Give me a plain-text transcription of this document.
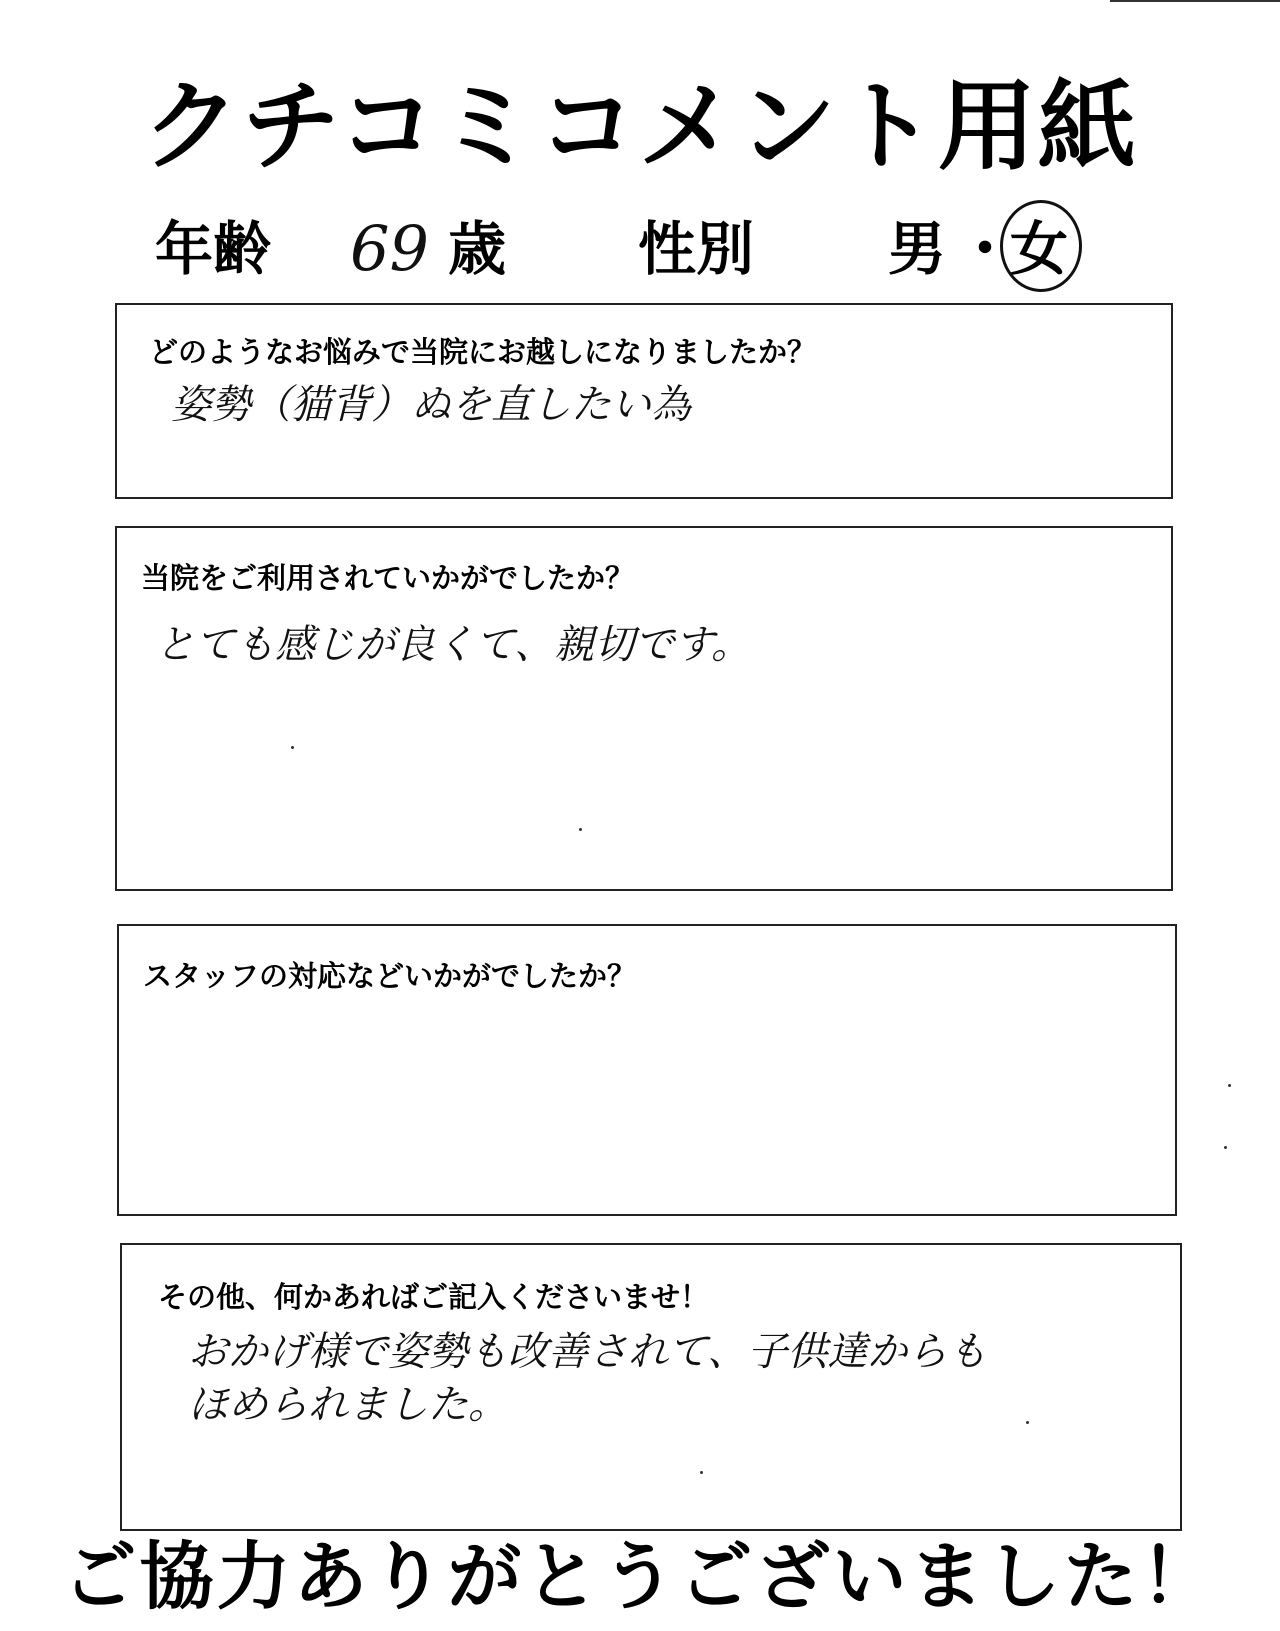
クチコミコメント用紙
年齢 69 歳 性別 男 ・
女
どのようなお悩みで当院にお越しになりましたか？
姿勢（猫背）ぬを直したい為
当院をご利用されていかがでしたか？
とても感じが良くて、親切です。
スタッフの対応などいかがでしたか？
その他、何かあればご記入くださいませ！
おかげ様で姿勢も改善されて、子供達からも
ほめられました。
ご協力ありがとうございました！
